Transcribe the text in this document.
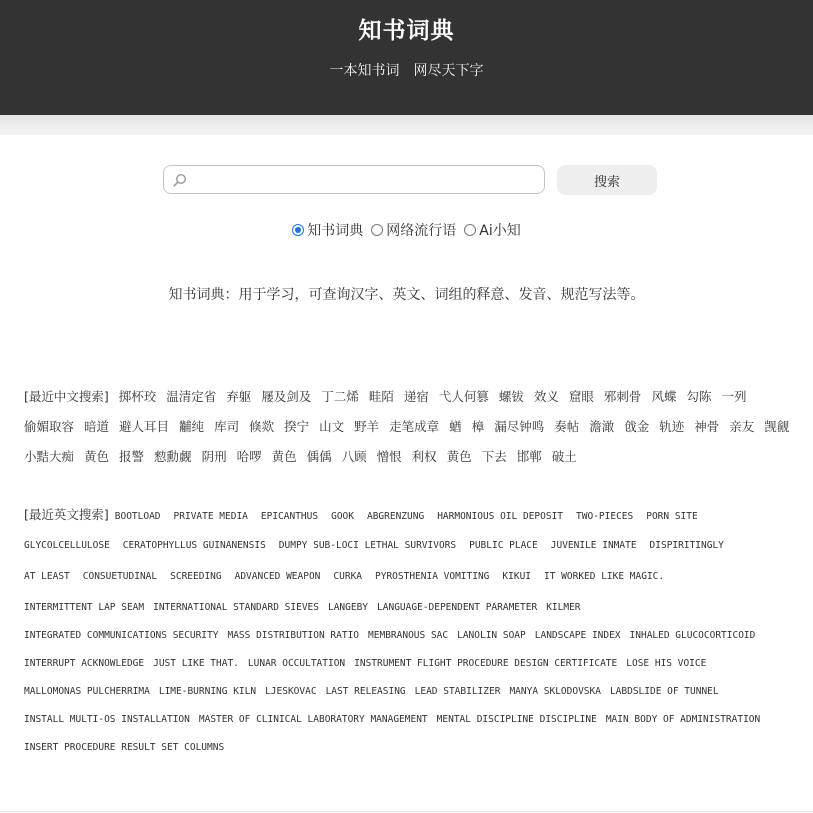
知书词典
一本知书词　网尽天下字
搜索
知书词典 网络流行语 Ai小知
知书词典：用于学习，可查询汉字、英文、词组的释意、发音、规范写法等。
[最近中文搜索] 掷杯珓 温清定省 弃躯 屦及剑及 丁二烯 畦陌 递宿 弋人何篡 螺钹 效义 窟眼 邪刺骨 风蝶 勾陈 一列偷媚取容 暗道 避人耳目 黼纯 库司 倏欻 揆宁 山文 野羊 走笔成章 蝤 樟 漏尽钟鸣 奏帖 澹澉 戗金 轨迹 神骨 亲友 觊觎小黠大痴 黄色 报警 愸勳觑 阴刑 哈啰 黄色 偊偊 八顾 憎恨 利权 黄色 下去 邯郸 破土
[最近英文搜索] BOOTLOAD PRIVATE MEDIA EPICANTHUS GOOK ABGRENZUNG HARMONIOUS OIL DEPOSIT TWO-PIECES PORN SITE
GLYCOLCELLULOSE CERATOPHYLLUS GUINANENSIS DUMPY SUB-LOCI LETHAL SURVIVORS PUBLIC PLACE JUVENILE INMATE DISPIRITINGLY
AT LEAST CONSUETUDINAL SCREEDING ADVANCED WEAPON CURKA PYROSTHENIA VOMITING KIKUI IT WORKED LIKE MAGIC.
INTERMITTENT LAP SEAM INTERNATIONAL STANDARD SIEVES LANGEBY LANGUAGE-DEPENDENT PARAMETER KILMER
INTEGRATED COMMUNICATIONS SECURITY MASS DISTRIBUTION RATIO MEMBRANOUS SAC LANOLIN SOAP LANDSCAPE INDEX INHALED GLUCOCORTICOID
INTERRUPT ACKNOWLEDGE JUST LIKE THAT. LUNAR OCCULTATION INSTRUMENT FLIGHT PROCEDURE DESIGN CERTIFICATE LOSE HIS VOICE
MALLOMONAS PULCHERRIMA LIME-BURNING KILN LJESKOVAC LAST RELEASING LEAD STABILIZER MANYA SKLODOVSKA LABDSLIDE OF TUNNEL
INSTALL MULTI-OS INSTALLATION MASTER OF CLINICAL LABORATORY MANAGEMENT MENTAL DISCIPLINE DISCIPLINE MAIN BODY OF ADMINISTRATION
INSERT PROCEDURE RESULT SET COLUMNS
